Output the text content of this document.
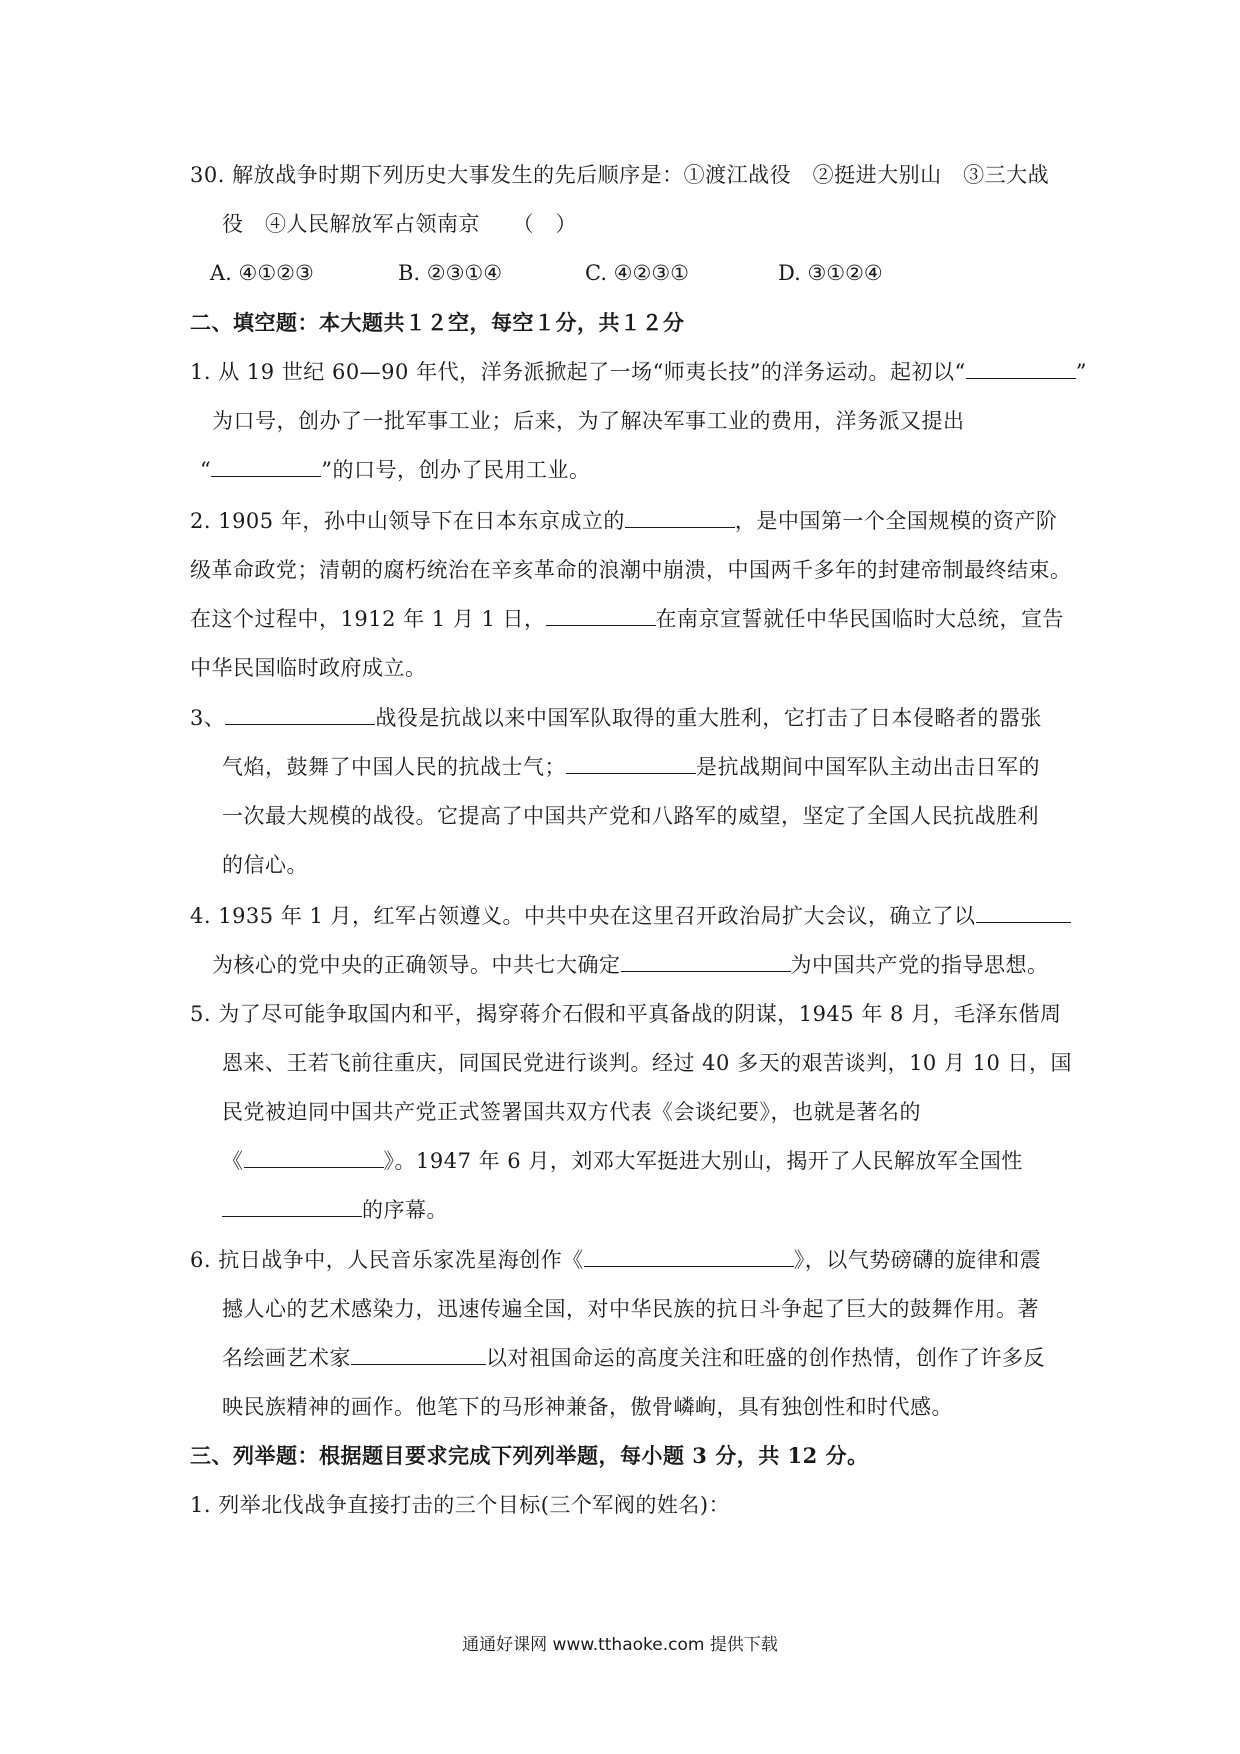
30. 解放战争时期下列历史大事发生的先后顺序是：①渡江战役　②挺进大别山　③三大战
役　④人民解放军占领南京　　（　）
A. ④①②③	B. ②③①④	C. ④②③①	D. ③①②④
二、填空题：本大题共１２空，每空１分，共１２分
1. 从 19 世纪 60—90 年代，洋务派掀起了一场“师夷长技”的洋务运动。起初以“	”
为口号，创办了一批军事工业；后来，为了解决军事工业的费用，洋务派又提出
“	”的口号，创办了民用工业。
2. 1905 年，孙中山领导下在日本东京成立的	，是中国第一个全国规模的资产阶
级革命政党；清朝的腐朽统治在辛亥革命的浪潮中崩溃，中国两千多年的封建帝制最终结束。
在这个过程中，1912 年 1 月 1 日，	在南京宣誓就任中华民国临时大总统，宣告
中华民国临时政府成立。
3、	战役是抗战以来中国军队取得的重大胜利，它打击了日本侵略者的嚣张
气焰，鼓舞了中国人民的抗战士气；	是抗战期间中国军队主动出击日军的
一次最大规模的战役。它提高了中国共产党和八路军的威望，坚定了全国人民抗战胜利
的信心。
4. 1935 年 1 月，红军占领遵义。中共中央在这里召开政治局扩大会议，确立了以
为核心的党中央的正确领导。中共七大确定	为中国共产党的指导思想。
5. 为了尽可能争取国内和平，揭穿蒋介石假和平真备战的阴谋，1945 年 8 月，毛泽东偕周
恩来、王若飞前往重庆，同国民党进行谈判。经过 40 多天的艰苦谈判，10 月 10 日，国
民党被迫同中国共产党正式签署国共双方代表《会谈纪要》，也就是著名的
《	》。1947 年 6 月，刘邓大军挺进大别山，揭开了人民解放军全国性
的序幕。
6. 抗日战争中，人民音乐家冼星海创作《	》，以气势磅礴的旋律和震
撼人心的艺术感染力，迅速传遍全国，对中华民族的抗日斗争起了巨大的鼓舞作用。著
名绘画艺术家	以对祖国命运的高度关注和旺盛的创作热情，创作了许多反
映民族精神的画作。他笔下的马形神兼备，傲骨嶙峋，具有独创性和时代感。
三、列举题：根据题目要求完成下列列举题，每小题 3 分，共 12 分。
1. 列举北伐战争直接打击的三个目标(三个军阀的姓名)：
通通好课网 www.tthaoke.com 提供下载
